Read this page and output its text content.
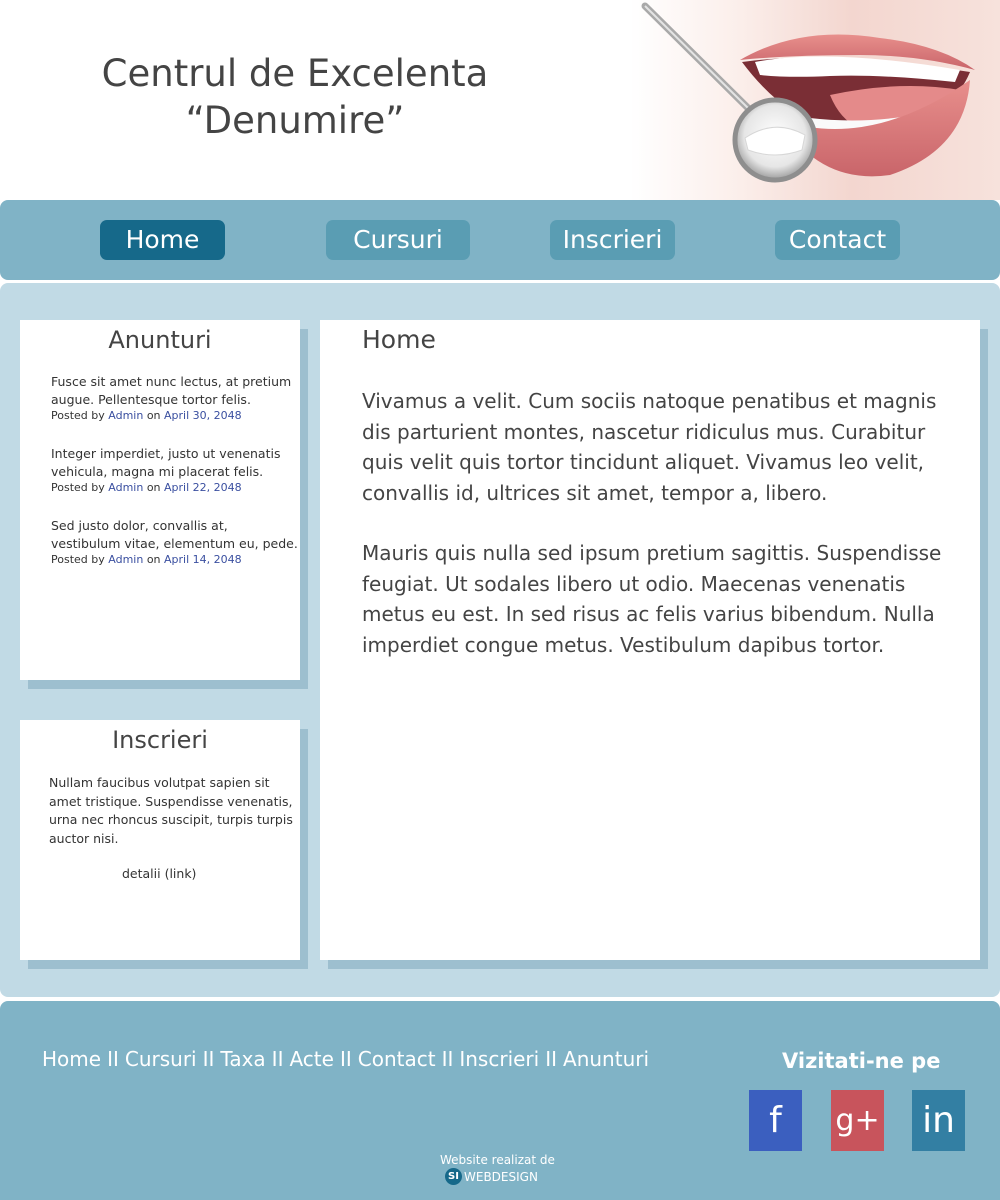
Centrul de Excelenta
“Denumire”
Home	Cursuri	Inscrieri	Contact
Anunturi
Fusce sit amet nunc lectus, at pretium augue. Pellentesque tortor felis.
Posted by Admin on April 30, 2048
Integer imperdiet, justo ut venenatis vehicula, magna mi placerat felis.
Posted by Admin on April 22, 2048
Sed justo dolor, convallis at, vestibulum vitae, elementum eu, pede.
Posted by Admin on April 14, 2048
Inscrieri

Nullam faucibus volutpat sapien sit amet tristique. Suspendisse venenatis, urna nec rhoncus suscipit, turpis turpis auctor nisi.

detalii (link)
Home

Vivamus a velit. Cum sociis natoque penatibus et magnis dis parturient montes, nascetur ridiculus mus. Curabitur quis velit quis tortor tincidunt aliquet. Vivamus leo velit, convallis id, ultrices sit amet, tempor a, libero.

Mauris quis nulla sed ipsum pretium sagittis. Suspendisse feugiat. Ut sodales libero ut odio. Maecenas venenatis metus eu est. In sed risus ac felis varius bibendum. Nulla imperdiet congue metus. Vestibulum dapibus tortor.

Home II Cursuri II Taxa II Acte II Contact II Inscrieri II Anunturi	Vizitati-ne pe
f	g+ in
Website realizat de
SI WEBDESIGN
